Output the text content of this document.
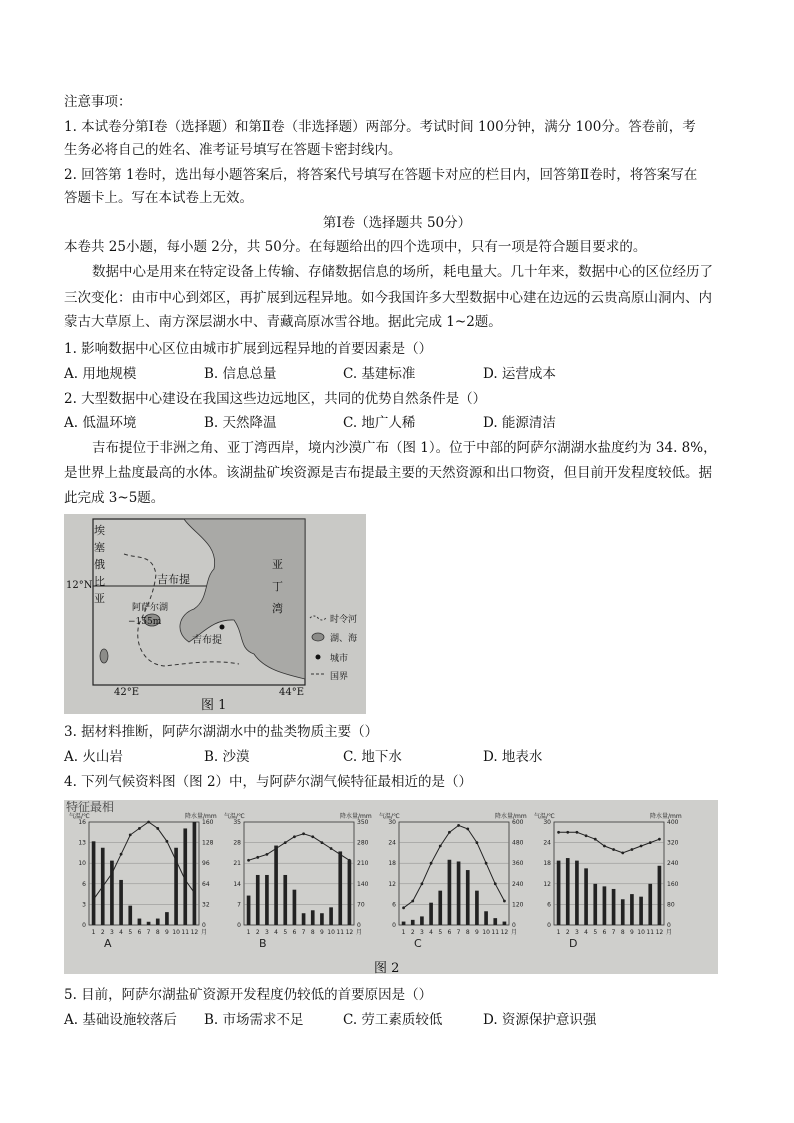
注意事项：
1. 本试卷分第Ⅰ卷（选择题）和第Ⅱ卷（非选择题）两部分。考试时间 100分钟，满分 100分。答卷前，考
生务必将自己的姓名、准考证号填写在答题卡密封线内。
2. 回答第 1卷时，选出每小题答案后，将答案代号填写在答题卡对应的栏目内，回答第Ⅱ卷时，将答案写在
答题卡上。写在本试卷上无效。
第Ⅰ卷（选择题共 50分）
本卷共 25小题，每小题 2分，共 50分。在每题给出的四个选项中，只有一项是符合题目要求的。
数据中心是用来在特定设备上传输、存储数据信息的场所，耗电量大。几十年来，数据中心的区位经历了
三次变化：由市中心到郊区，再扩展到远程异地。如今我国许多大型数据中心建在边远的云贵高原山洞内、内
蒙古大草原上、南方深层湖水中、青藏高原冰雪谷地。据此完成 1~2题。
1. 影响数据中心区位由城市扩展到远程异地的首要因素是（）
A. 用地规模	B. 信息总量	C. 基建标准	D. 运营成本
2. 大型数据中心建设在我国这些边远地区，共同的优势自然条件是（）
A. 低温环境	B. 天然降温	C. 地广人稀	D. 能源清洁
吉布提位于非洲之角、亚丁湾西岸，境内沙漠广布（图 1）。位于中部的阿萨尔湖湖水盐度约为 34. 8%，
是世界上盐度最高的水体。该湖盐矿埃资源是吉布提最主要的天然资源和出口物资，但目前开发程度较低。据
此完成 3~5题。
埃
塞
俄
比
亚
吉布提
亚
丁
湾
阿萨尔湖
−155m
吉布提
12°N
42°E	44°E
时令河
湖、海
城市
国界
图 1
3. 据材料推断，阿萨尔湖湖水中的盐类物质主要（）
A. 火山岩	B. 沙漠	C. 地下水	D. 地表水
4. 下列气候资料图（图 2）中，与阿萨尔湖气候特征最相近的是（）
特征最相
1 2 3 4 5 6 7 8 9 10 11 12 月
气温/℃	降水量/mm
0	0
3	32
6	64
10	96
13	128
16	160
A
1 2 3 4 5 6 7 8 9 10 11 12 月
气温/℃	降水量/mm
0	0
7	70
14	140
21	210
28	280
35	350
B
1 2 3 4 5 6 7 8 9 10 11 12 月
气温/℃	降水量/mm
0	0
6	120
12	240
18	360
24	480
30	600
C
1 2 3 4 5 6 7 8 9 10 11 12 月
气温/℃	降水量/mm
0	0
6	80
12	160
18	240
24	320
30	400
D
图 2
5. 目前，阿萨尔湖盐矿资源开发程度仍较低的首要原因是（）
A. 基础设施较落后 B. 市场需求不足	C. 劳工素质较低	D. 资源保护意识强
